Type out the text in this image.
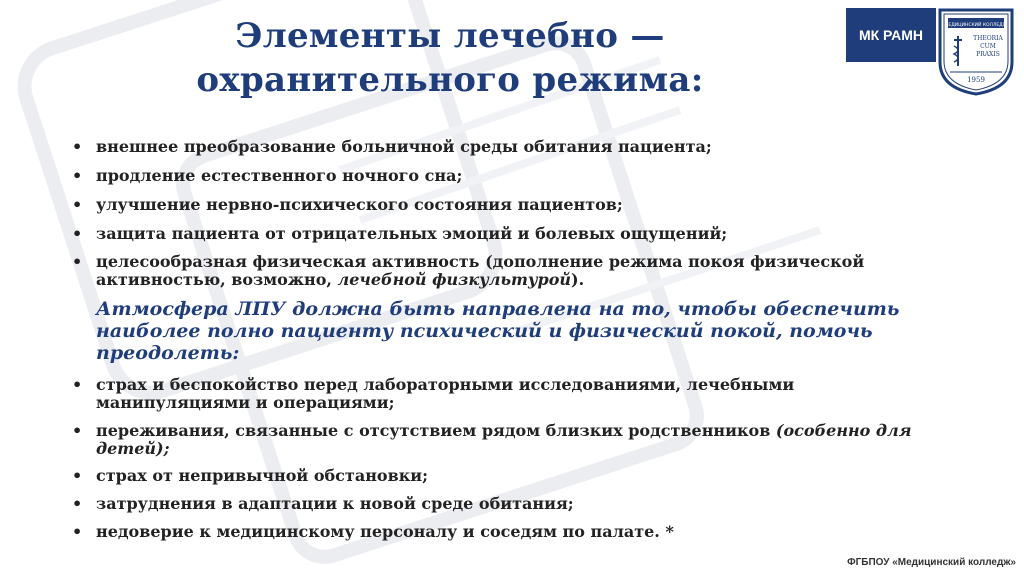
Элементы лечебно —
охранительного режима:
МК РАМН
МЕДИЦИНСКИЙ КОЛЛЕДЖ
THEORIA
CUM
PRAXIS
1959
• внешнее преобразование больничной среды обитания пациента;
• продление естественного ночного сна;
• улучшение нервно-психического состояния пациентов;
• защита пациента от отрицательных эмоций и болевых ощущений;
• целесообразная физическая активность (дополнение режима покоя физической активностью, возможно, лечебной физкультурой).
Атмосфера ЛПУ должна быть направлена на то, чтобы обеспечить наиболее полно пациенту психический и физический покой, помочь преодолеть:
• страх и беспокойство перед лабораторными исследованиями, лечебными манипуляциями и операциями;
• переживания, связанные с отсутствием рядом близких родственников (особенно для детей);
• страх от непривычной обстановки;
• затруднения в адаптации к новой среде обитания;
• недоверие к медицинскому персоналу и соседям по палате. *
ФГБПОУ «Медицинский колледж»
